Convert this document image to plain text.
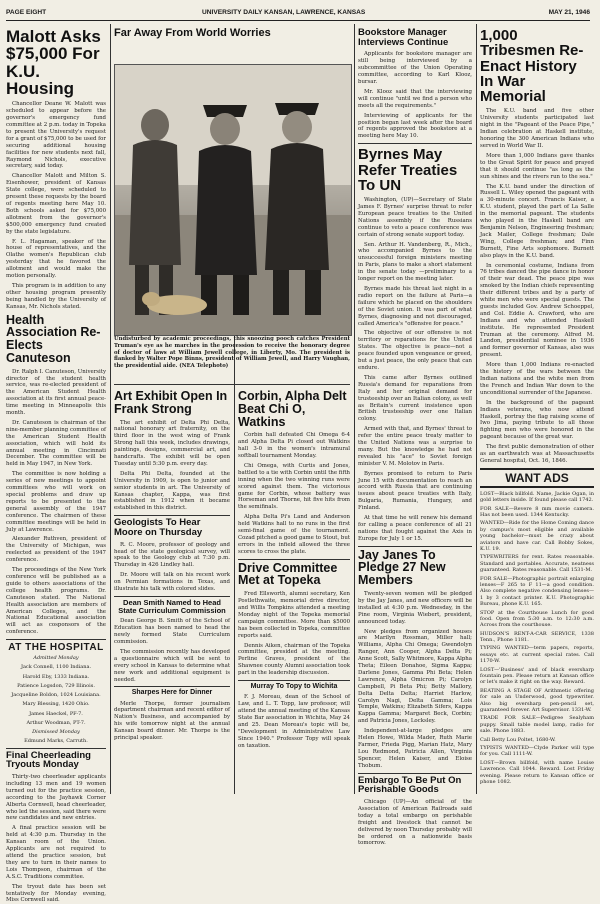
PAGE EIGHT	UNIVERSITY DAILY KANSAN, LAWRENCE, KANSAS	MAY 21, 1946
Malott Asks $75,000 For K.U. Housing

Chancellor Deane W. Malott was scheduled to appear before the governor's emergency fund committee at 2 p.m. today in Topeka to present the University's request for a grant of $75,000 to be used for securing additional housing facilities for new students next fall, Raymond Nichols, executive secretary, said today.

Chancellor Malott and Milton S. Eisenhower, president of Kansas State college, were scheduled to present these requests by the board of regents meeting here May 10. Both schools asked for $75,000 allotment from the governor's $500,000 emergency fund created by the state legislature.

F. L. Hagaman, speaker of the house of representatives, and the Olathe women's Republican club yesterday that he favored the allotment and would make the motion personally.

This program is in addition to any other housing program presently being handled by the University of Kansas, Mr. Nichols stated.

Health Association Re-Elects Canuteson

Dr. Ralph I. Canuteson, University director of the student health service, was re-elected president of the American Student Health association at its first annual peace-time meeting in Minneapolis this month.

Dr. Canuteson is chairman of the nine-member planning committee of the American Student Health association, which will hold its annual meeting in Cincinnati December. The committee will be held in May 1947, in New York.

The committee is now holding a series of new meetings to appoint committees who will work on special problems and draw up reports to be presented to the general assembly of the 1947 conference. The chairmen of these committee meetings will be held in July at Lawrence.

Alexander Ruthven, president of the University of Michigan, was reelected as president of the 1947 conference.

The proceedings of the New York conference will be published as a guide to others associations of the college health programs. Dr. Canuteson stated. The National Health association are members of American Colleges, and the National Educational association will act as cosponsors of the conference.

AT THE HOSPITAL

Admitted Monday

Jack Connell, 1100 Indiana.

Harold Eby, 1333 Indiana.

Patience Logsdon, 729 Illinois.

Jacqueline Boldon, 1024 Louisiana.

Mary Blessing, 1420 Ohio.

James Haeckel, PF-7.

Arthur Woodman, PT-7.

Dismissed Monday

Edmund Marks, Carruth.

Final Cheerleading Tryouts Monday

Thirty-two cheerleader applicants including 13 men and 19 women turned out for the practice session, according to the Jayhawk Corner Alberta Cornwell, head cheerleader, who led the session, said there were new candidates and new entries.

A final practice session will be held at 4:30 p.m. Thursday in the Kansan room of the Union. Applicants are not required to attend the practice session, but they are to turn in their names to Lois Thompson, chairman of the A.S.C. Traditions committee.

The tryout date has been set tentatively for Monday evening, Miss Cornwell said.

Far Away From World Worries

Undisturbed by academic proceedings, this snoozing pooch catches President Truman's eye as he marches in the procession to receive the honorary degree of doctor of laws at William Jewell college, in Liberty, Mo. The president is flanked by Walter Pope Binns, president of William Jewell, and Harry Vaughan, the presidential aide. (NEA Telephoto)

Art Exhibit Open In Frank Strong

The art exhibit of Delta Phi Delta, national honorary art fraternity, on the third floor in the west wing of Frank Strong hall this week, includes drawings, paintings, designs, commercial art, and handcrafts. The exhibit will be open Tuesday until 5:30 p.m. every day.

Delta Phi Delta, founded at the University in 1909, is open to junior and senior students in art. The University of Kansas chapter, Kappa, was first established in 1912 when it became established in this district.

Geologists To Hear Moore on Thursday

R. C. Moore, professor of geology and head of the state geological survey, will speak to the Geology club at 7:30 p.m. Thursday in 426 Lindley hall.

Dr. Moore will talk on his recent work on Permian formations in Texas, and illustrate his talk with colored slides.

Dean Smith Named to Head State Curriculum Commission

Dean George B. Smith of the School of Education has been named to head the newly formed State Curriculum commission.

The commission recently has developed a questionnaire which will be sent to every school in Kansas to determine what new work and additional equipment is needed.

Sharpes Here for Dinner

Merle Thorpe, former journalism department chairman and recent editor of Nation's Business, and accompanied by his wife tomorrow night at the annual Kansan board dinner. Mr. Thorpe is the principal speaker.

Corbin, Alpha Delt Beat Chi O, Watkins

Corbin hall defeated Chi Omega 6-4 and Alpha Delta Pi closed out Watkins hall 3-0 in the women's intramural softball tournament Monday.

Chi Omega, with Curtis and Jones, battled to a tie with Corbin until the fifth inning when the two winning runs were scored against them. The victorious game for Corbin, whose battery was Horseman and Thorne, hit five hits from the semifinals.

Alpha Delta Pi's Land and Anderson held Watkins hall to no runs in the first semi-final game of the tournament. Cozad pitched a good game to Stout, but errors in the infield allowed the three scores to cross the plate.

Drive Committee Met at Topeka

Fred Ellsworth, alumni secretary, Ken Postlethwaite, memorial drive director, and Willis Tompkins attended a meeting Monday night of the Topeka memorial campaign committee. More than $5000 has been collected in Topeka, committee reports said.

Dennis Aiken, chairman of the Topeka committee, presided at the meeting. Perline Graves, president of the Shawnee county Alumni association took part in the leadership discussion.

Murray To Topy to Wichita

F. J. Moreau, dean of the School of Law, and L. T. Topp, law professor, will attend the annual meeting of the Kansas State Bar association in Wichita, May 24 and 25. Dean Moreau's topic will be, "Development in Administrative Law Since 1940." Professor Topy will speak on taxation.

Bookstore Manager Interviews Continue

Applicants for bookstore manager are still being interviewed by a subcommittee of the Union Operating committee, according to Karl Klooz, bursar.

Mr. Klooz said that the interviewing will continue "until we find a person who meets all the requirements."

Interviewing of applicants for the position began last week after the board of regents approved the bookstore at a meeting here May 10.

Byrnes May Refer Treaties To UN

Washington, (UP)—Secretary of State James F. Byrnes' surprise threat to refer European peace treaties to the United Nations assembly if the Russians continue to veto a peace conference was certain of strong senate support today.

Sen. Arthur H. Vandenberg, R., Mich., who accompanied Byrnes to the unsuccessful foreign ministers meeting in Paris, plans to make a short statement in the senate today —preliminary to a longer report on the meeting later.

Byrnes made his threat last night in a radio report on the failure at Paris—a failure which he placed on the shoulders of the Soviet union. It was part of what Byrnes, diagnosing and not discouraged, called America's "offensive for peace."

The objective of our offensive is not territory or reparations for the United States. The objective is peace—not a peace founded upon vengeance or greed, but a just peace, the only peace that can endure.

This came after Byrnes outlined Russia's demand for reparations from Italy and her original demand for trusteeship over an Italian colony, as well as Britain's current insistence upon British trusteeship over one Italian colony.

Armed with that, and Byrnes' threat to refer the entire peace treaty matter to the United Nations was a surprise to many. But the knowledge he had not revealed his "ace" to Soviet foreign minister V. M. Molotov in Paris.

Byrnes promised to return to Paris June 15 with documentation to reach an accord with Russia that are continuing issues about peace treaties with Italy, Bulgaria, Rumania, Hungary, and Finland.

At that time he will renew his demand for calling a peace conference of all 21 nations that fought against the Axis in Europe for July 1 or 15.

Jay Janes To Pledge 27 New Members

Twenty-seven women will be pledged by the Jay Janes, and new officers will be installed at 4:30 p.m. Wednesday, in the Pine room, Virginia Wiebert, president, announced today.

New pledges from organized houses are Marilyn Rossman, Miller hall; Williams, Alpha Chi Omega; Gwendolyn Ranger, Ann Cooper, Alpha Delta Pi; Anne Scott, Sally Whitmore, Kappa Alpha Theta; Eileen Donahoe, Sigma Kappa; Darlene Jones, Gamma Phi Beta; Helen Lawrence, Alpha Omicron Pi; Carolyn Campbell, Pi Beta Phi; Betty Mallory, Delta Delta Delta; Harriet Harlow, Carolyn Nagi, Delta Gamma; Lois Temple, Watkins; Elizabeth Sifers, Kappa Kappa Gamma; Margaret Beck, Corbin; and Patricia Jones, Locksley.

Independent-at-large pledges are Helen Howe, Wilda Mader, Ruth Marie Farmer, Frieda Pigg, Marian Hatz, Mary Lou Redmond, Patricia Allen, Virginia Spencer, Helen Kaiser, and Eloise Thobum.

Embargo To Be Put On Perishable Goods

Chicago (UP)—An official of the Association of American Railroads said today a total embargo on perishable freight and livestock that cannot be delivered by noon Thursday probably will be ordered on a nationwide basis tomorrow.

1,000 Tribesmen Re-Enact History In War Memorial

The K.U. band and five other University students participated last night in the "Pageant of the Peace Pipe," Indian celebration at Haskell institute, honoring the 300 American Indians who served in World War II.

More than 1,000 Indians gave thanks to the Great Spirit for peace and prayed that it should continue "as long as the sun shines and the rivers run to the sea."

The K.U. band under the direction of Russell L. Wiley opened the pageant with a 30-minute concert. Francis Kaiser, a K.U. student, played the part of La Salle in the memorial pageant. The students who played in the Haskell band are Benjamin Nelson, Engineering freshman; Jack Mailer, College freshman; Dale Wing, College freshman; and Finn Burnett, Fine Arts sophomore. Burnett also plays in the K.U. band.

In ceremonial costume, Indians from 76 tribes danced the pipe dance in honor of their war dead. The peace pipe was smoked by the Indian chiefs representing their different tribes and by a party of white men who were special guests. The guests included Gov. Andrew Schoeppel, and Col. Eddie A. Crawford, who are Indians and who attended Haskell institute. He represented President Truman at the ceremony. Alfred M. Landon, presidential nominee in 1936 and former governor of Kansas, also was present.

More than 1,000 Indians re-enacted the history of the wars between the Indian nations and the white men from the French and Indian War down to the unconditional surrender of the Japanese.

In the background of the pageant Indians veterans, who now attend Haskell, portray the flag raising scene of Iwo Jima, paying tribute to all those fighting men who were honored in the pageant because of the great war.

The first public demonstration of other as an earthwatch was at Massachusetts General hospital, Oct. 16, 1846.

WANT ADS

LOST—Black billfold. Name, Jackie Ogan, in gold letters inside. If found please call 1742.

FOR SALE—Revere 8 mm movie camera. Has not been used. 1344 Kentucky.

WANTED—Ride for the Home Coming dance by campus's most eligible and available young bachelor—must be crazy about aviators and have car. Call Bobby Sokes, K.U. 19.

TYPEWRITERS for rent. Rates reasonable. Standard and portables. Accurate, neatness guaranteed. Rates reasonable. Call 1531-M.

FOR SALE—Photographic portrait enlarging lenses—F 265 to F 11—a good condition. Also complete negative condensing lenses—1 by 3 contact printer. K.U. Photographic Bureau, phone K.U. 165.

STOP at the Courthouse Lunch for good food. Open from 5:30 a.m. to 12:30 a.m. Across from the courthouse.

HUDSON'S RENT-A-CAR SERVICE, 1338 Tenn., Phone 1181.

TYPING WANTED—term papers, reports, essays etc. at current special rates. Call 1170-W.

LOST—'Business' and of black eversharp fountain pen. Please return at Kansan office or let's make it right on the way. Reward.

BEATING A STAGE OF Arithmetic offering for sale an Underwood, good typewriter. Also big eversharp pen-pencil set, guaranteed forever. Art Supervisor. 1331-W.

TRADE FOR SALE—Pedigree Sealyham puppy. Small table model lamp, radio for sale. Phone 1883.

Call Betty Lou Poltet, 1680-W.

TYPISTS WANTED—Clyde Parker will type for you. Call 1111-W.

LOST—Brown billfold, with name Louise Lawrence. Call 1044. Reward. Lost Friday evening. Please return to Kansan office or phone 1082.
